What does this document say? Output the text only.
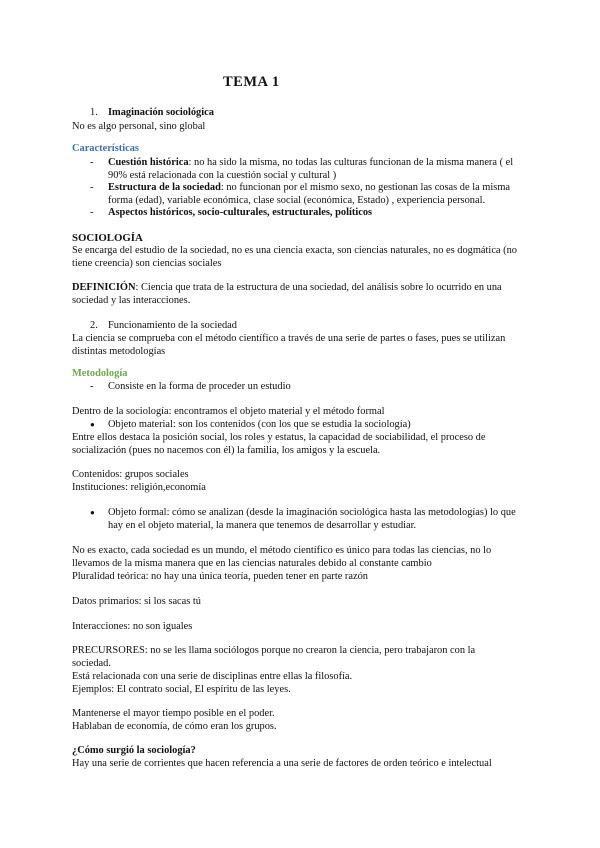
TEMA 1
1. Imaginación sociológica
No es algo personal, sino global
Características
- Cuestión histórica: no ha sido la misma, no todas las culturas funcionan de la misma manera ( el
90% está relacionada con la cuestión social y cultural )
- Estructura de la sociedad: no funcionan por el mismo sexo, no gestionan las cosas de la misma
forma (edad), variable económica, clase social (económica, Estado) , experiencia personal.
- Aspectos históricos, socio-culturales, estructurales, políticos
SOCIOLOGÍA
Se encarga del estudio de la sociedad, no es una ciencia exacta, son ciencias naturales, no es dogmática (no
tiene creencia) son ciencias sociales
DEFINICIÓN: Ciencia que trata de la estructura de una sociedad, del análisis sobre lo ocurrido en una
sociedad y las interacciones.
2. Funcionamiento de la sociedad
La ciencia se comprueba con el método científico a través de una serie de partes o fases, pues se utilizan
distintas metodologías
Metodología
- Consiste en la forma de proceder un estudio
Dentro de la sociología: encontramos el objeto material y el método formal
● Objeto material: son los contenidos (con los que se estudia la sociología)
Entre ellos destaca la posición social, los roles y estatus, la capacidad de sociabilidad, el proceso de
socialización (pues no nacemos con él) la familia, los amigos y la escuela.
Contenidos: grupos sociales
Instituciones: religión,economía
● Objeto formal: cómo se analizan (desde la imaginación sociológica hasta las metodologías) lo que
hay en el objeto material, la manera que tenemos de desarrollar y estudiar.
No es exacto, cada sociedad es un mundo, el método científico es único para todas las ciencias, no lo
llevamos de la misma manera que en las ciencias naturales debido al constante cambio
Pluralidad teórica: no hay una única teoría, pueden tener en parte razón
Datos primarios: si los sacas tú
Interacciones: no son iguales
PRECURSORES: no se les llama sociólogos porque no crearon la ciencia, pero trabajaron con la
sociedad.
Está relacionada con una serie de disciplinas entre ellas la filosofía.
Ejemplos: El contrato social, El espíritu de las leyes.
Mantenerse el mayor tiempo posible en el poder.
Hablaban de economía, de cómo eran los grupos.
¿Cómo surgió la sociología?
Hay una serie de corrientes que hacen referencia a una serie de factores de orden teórico e intelectual
